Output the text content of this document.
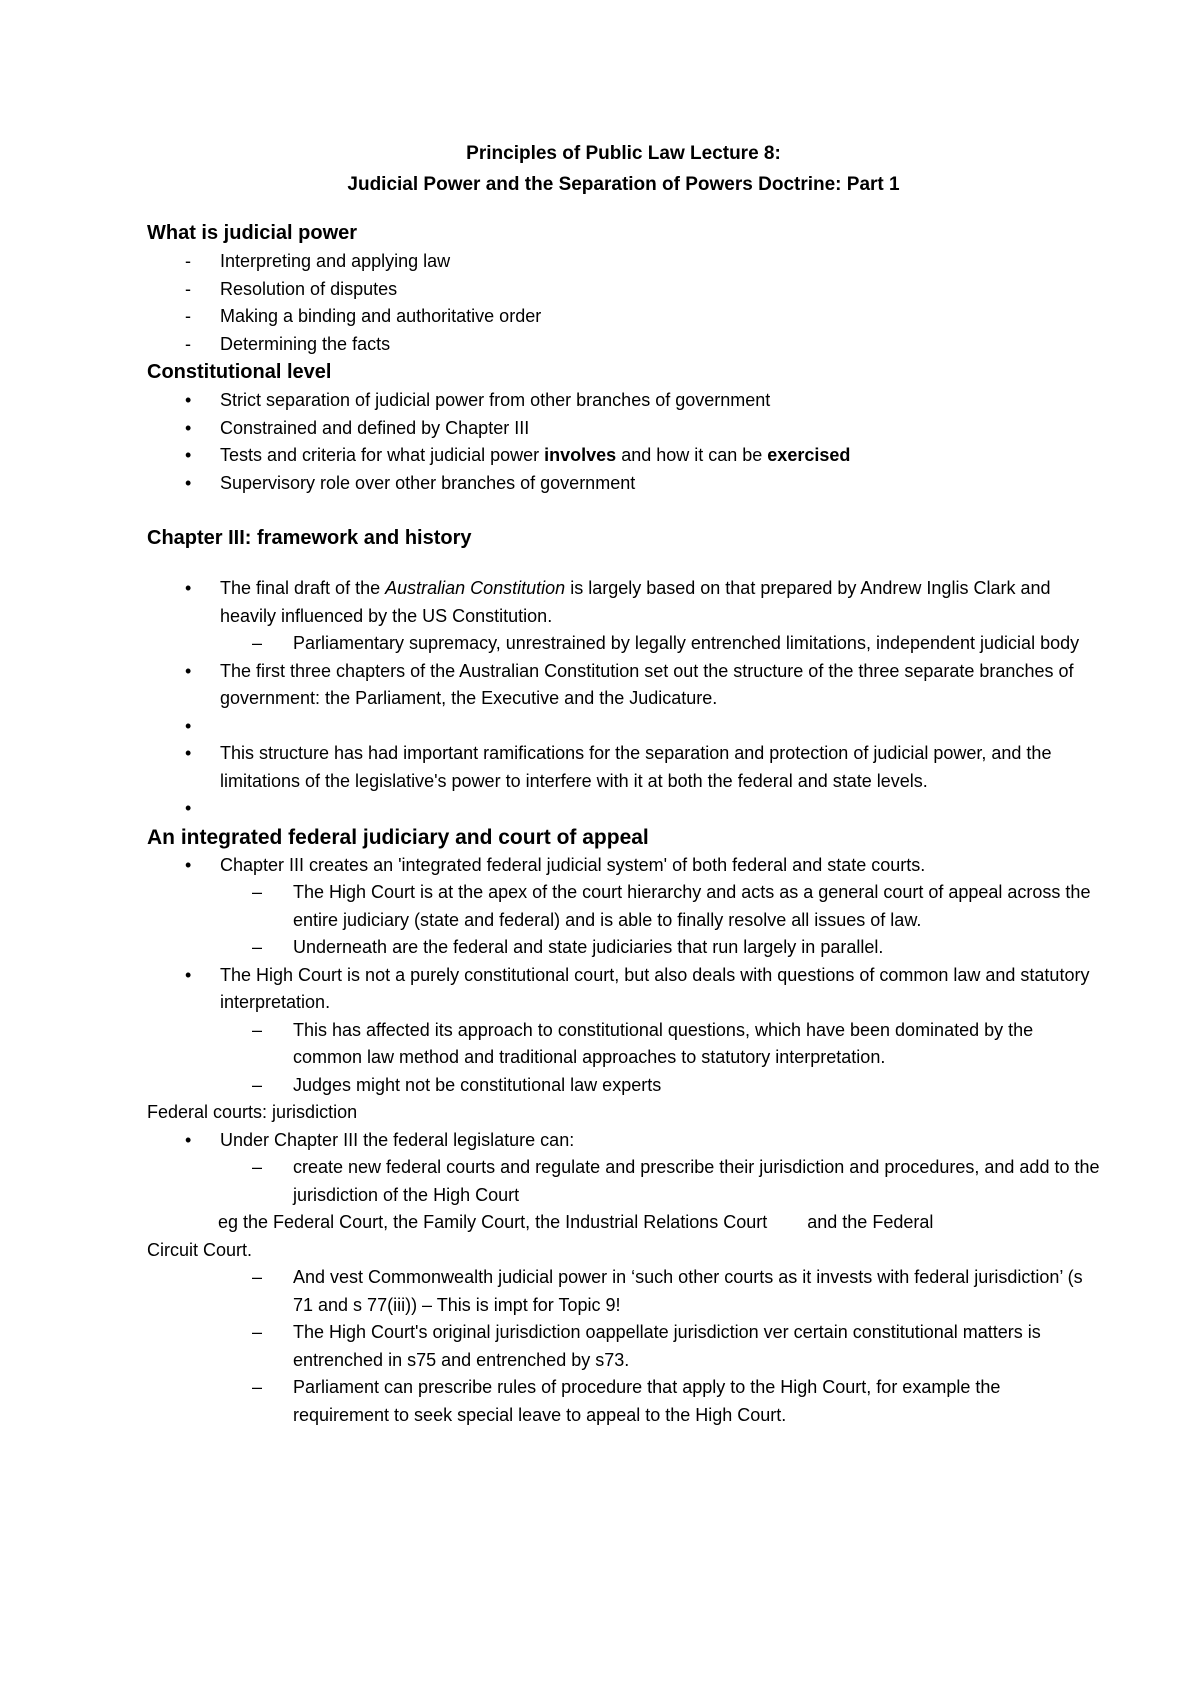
Principles of Public Law Lecture 8:

Judicial Power and the Separation of Powers Doctrine: Part 1

What is judicial power

- Interpreting and applying law
- Resolution of disputes
- Making a binding and authoritative order
- Determining the facts

Constitutional level

• Strict separation of judicial power from other branches of government
• Constrained and defined by Chapter III
• Tests and criteria for what judicial power involves and how it can be exercised
• Supervisory role over other branches of government

Chapter III: framework and history

• The final draft of the Australian Constitution is largely based on that prepared by Andrew Inglis Clark and heavily influenced by the US Constitution.
– Parliamentary supremacy, unrestrained by legally entrenched limitations, independent judicial body
• The first three chapters of the Australian Constitution set out the structure of the three separate branches of government: the Parliament, the Executive and the Judicature.
•

• This structure has had important ramifications for the separation and protection of judicial power, and the limitations of the legislative's power to interfere with it at both the federal and state levels.
•

An integrated federal judiciary and court of appeal

• Chapter III creates an 'integrated federal judicial system' of both federal and state courts.
– The High Court is at the apex of the court hierarchy and acts as a general court of appeal across the entire judiciary (state and federal) and is able to finally resolve all issues of law.
– Underneath are the federal and state judiciaries that run largely in parallel.
• The High Court is not a purely constitutional court, but also deals with questions of common law and statutory interpretation.
– This has affected its approach to constitutional questions, which have been dominated by the common law method and traditional approaches to statutory interpretation.
– Judges might not be constitutional law experts

Federal courts: jurisdiction

• Under Chapter III the federal legislature can:
– create new federal courts and regulate and prescribe their jurisdiction and procedures, and add to the jurisdiction of the High Court

eg the Federal Court, the Family Court, the Industrial Relations Court        and the Federal

Circuit Court.

– And vest Commonwealth judicial power in ‘such other courts as it invests with federal jurisdiction’ (s 71 and s 77(iii)) – This is impt for Topic 9!
– The High Court's original jurisdiction oappellate jurisdiction ver certain constitutional matters is entrenched in s75 and entrenched by s73.
– Parliament can prescribe rules of procedure that apply to the High Court, for example the requirement to seek special leave to appeal to the High Court.
